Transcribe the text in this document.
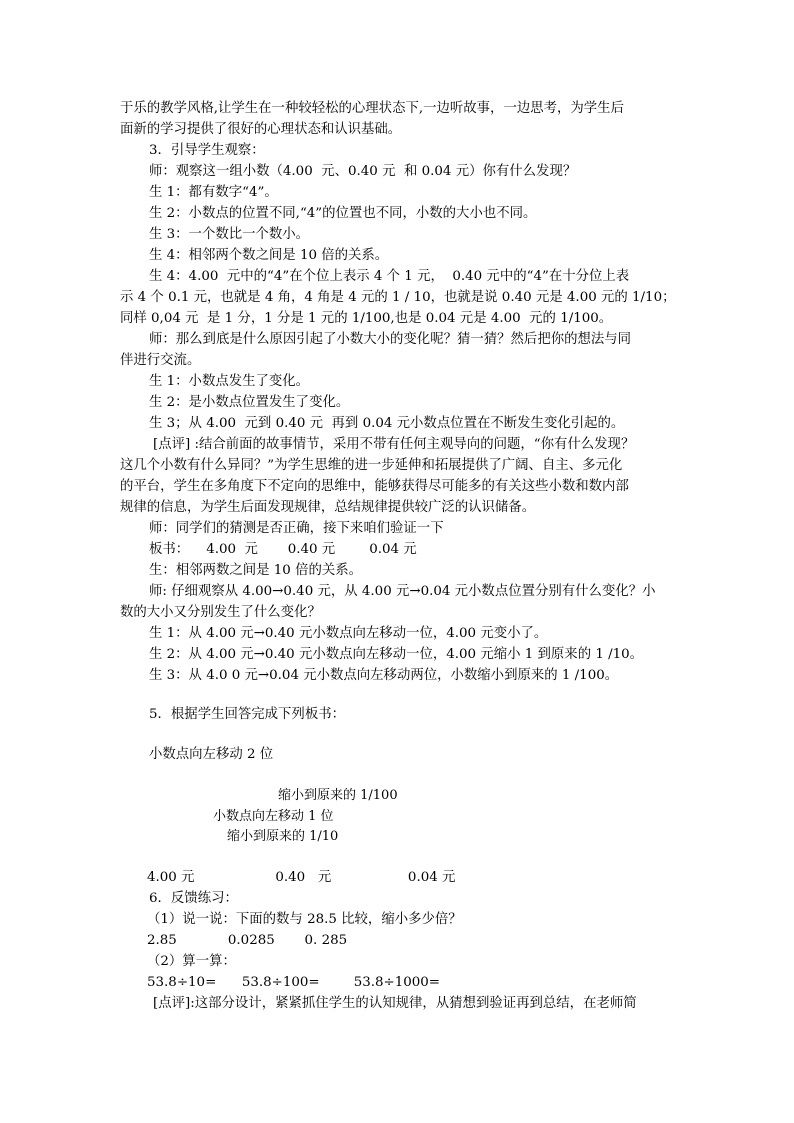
于乐的教学风格,让学生在一种较轻松的心理状态下,一边听故事，一边思考，为学生后

面新的学习提供了很好的心理状态和认识基础。

3．引导学生观察：

师：观察这一组小数（4.00  元、0.40 元  和 0.04 元）你有什么发现？

生 1：都有数字“4”。

生 2：小数点的位置不同,“4”的位置也不同，小数的大小也不同。

生 3：一个数比一个数小。

生 4：相邻两个数之间是 10 倍的关系。

生 4：4.00  元中的“4”在个位上表示 4 个 1 元，  0.40 元中的“4”在十分位上表

示 4 个 0.1 元，也就是 4 角，4 角是 4 元的 1 / 10，也就是说 0.40 元是 4.00 元的 1/10；

同样 0,04 元  是 1 分，1 分是 1 元的 1/100,也是 0.04 元是 4.00  元的 1/100。

师：那么到底是什么原因引起了小数大小的变化呢？猜一猜？然后把你的想法与同

伴进行交流。

生 1：小数点发生了变化。

生 2：是小数点位置发生了变化。

生 3；从 4.00  元到 0.40 元  再到 0.04 元小数点位置在不断发生变化引起的。

[点评] :结合前面的故事情节，采用不带有任何主观导向的问题，“你有什么发现？

这几个小数有什么异同？”为学生思维的进一步延伸和拓展提供了广阔、自主、多元化

的平台，学生在多角度下不定向的思维中，能够获得尽可能多的有关这些小数和数内部

规律的信息，为学生后面发现规律，总结规律提供较广泛的认识储备。

师：同学们的猜测是否正确，接下来咱们验证一下

板书：    4.00  元       0.40 元        0.04 元

生：相邻两数之间是 10 倍的关系。

师: 仔细观察从 4.00→0.40 元，从 4.00 元→0.04 元小数点位置分别有什么变化？小

数的大小又分别发生了什么变化？

生 1：从 4.00 元→0.40 元小数点向左移动一位，4.00 元变小了。

生 2：从 4.00 元→0.40 元小数点向左移动一位，4.00 元缩小 1 到原来的 1 /10。

生 3：从 4.0 0 元→0.04 元小数点向左移动两位，小数缩小到原来的 1 /100。

5．根据学生回答完成下列板书：

小数点向左移动 2 位

缩小到原来的 1/100

小数点向左移动 1 位

缩小到原来的 1/10

4.00 元                   0.40   元                  0.04 元

6．反馈练习：

（1）说一说：下面的数与 28.5 比较，缩小多少倍？

2.85            0.0285       0. 285

（2）算一算：

53.8÷10=      53.8÷100=        53.8÷1000=

[点评]:这部分设计，紧紧抓住学生的认知规律，从猜想到验证再到总结，在老师简
